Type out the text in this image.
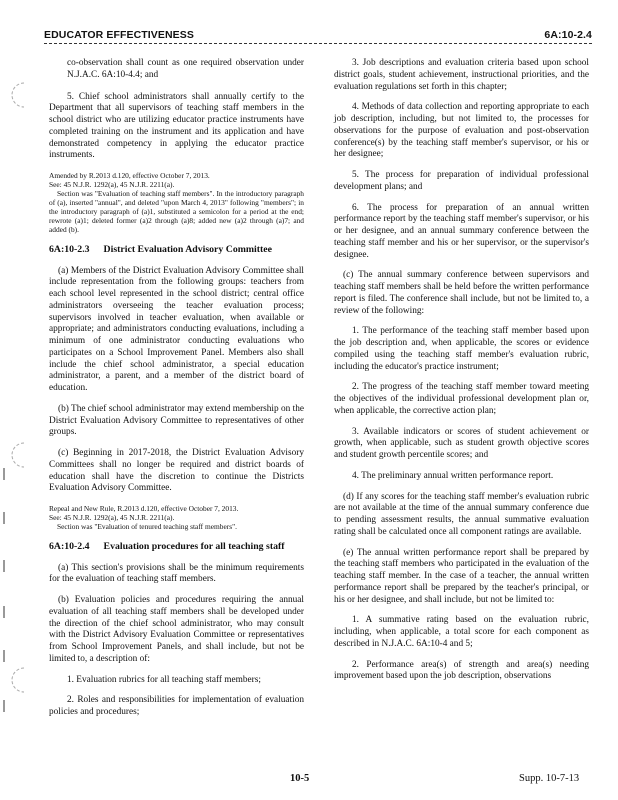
EDUCATOR EFFECTIVENESS	6A:10-2.4

co-observation shall count as one required observation under N.J.A.C. 6A:10-4.4; and

5. Chief school administrators shall annually certify to the Department that all supervisors of teaching staff members in the school district who are utilizing educator practice instruments have completed training on the instrument and its application and have demonstrated competency in applying the educator practice instruments.

Amended by R.2013 d.120, effective October 7, 2013.
See: 45 N.J.R. 1292(a), 45 N.J.R. 2211(a).
Section was "Evaluation of teaching staff members". In the introductory paragraph of (a), inserted "annual", and deleted "upon March 4, 2013" following "members"; in the introductory paragraph of (a)1, substituted a semicolon for a period at the end; rewrote (a)1; deleted former (a)2 through (a)8; added new (a)2 through (a)7; and added (b).
6A:10-2.3 District Evaluation Advisory Committee

(a) Members of the District Evaluation Advisory Committee shall include representation from the following groups: teachers from each school level represented in the school district; central office administrators overseeing the teacher evaluation process; supervisors involved in teacher evaluation, when available or appropriate; and administrators conducting evaluations, including a minimum of one administrator conducting evaluations who participates on a School Improvement Panel. Members also shall include the chief school administrator, a special education administrator, a parent, and a member of the district board of education.

(b) The chief school administrator may extend membership on the District Evaluation Advisory Committee to representatives of other groups.

(c) Beginning in 2017-2018, the District Evaluation Advisory Committees shall no longer be required and district boards of education shall have the discretion to continue the Districts Evaluation Advisory Committee.

Repeal and New Rule, R.2013 d.120, effective October 7, 2013.
See: 45 N.J.R. 1292(a), 45 N.J.R. 2211(a).
Section was "Evaluation of tenured teaching staff members".
6A:10-2.4 Evaluation procedures for all teaching staff

(a) This section's provisions shall be the minimum requirements for the evaluation of teaching staff members.

(b) Evaluation policies and procedures requiring the annual evaluation of all teaching staff members shall be developed under the direction of the chief school administrator, who may consult with the District Advisory Evaluation Committee or representatives from School Improvement Panels, and shall include, but not be limited to, a description of:

1. Evaluation rubrics for all teaching staff members;

2. Roles and responsibilities for implementation of evaluation policies and procedures;

3. Job descriptions and evaluation criteria based upon school district goals, student achievement, instructional priorities, and the evaluation regulations set forth in this chapter;

4. Methods of data collection and reporting appropriate to each job description, including, but not limited to, the processes for observations for the purpose of evaluation and post-observation conference(s) by the teaching staff member's supervisor, or his or her designee;

5. The process for preparation of individual professional development plans; and

6. The process for preparation of an annual written performance report by the teaching staff member's supervisor, or his or her designee, and an annual summary conference between the teaching staff member and his or her supervisor, or the supervisor's designee.

(c) The annual summary conference between supervisors and teaching staff members shall be held before the written performance report is filed. The conference shall include, but not be limited to, a review of the following:

1. The performance of the teaching staff member based upon the job description and, when applicable, the scores or evidence compiled using the teaching staff member's evaluation rubric, including the educator's practice instrument;

2. The progress of the teaching staff member toward meeting the objectives of the individual professional development plan or, when applicable, the corrective action plan;

3. Available indicators or scores of student achievement or growth, when applicable, such as student growth objective scores and student growth percentile scores; and

4. The preliminary annual written performance report.

(d) If any scores for the teaching staff member's evaluation rubric are not available at the time of the annual summary conference due to pending assessment results, the annual summative evaluation rating shall be calculated once all component ratings are available.

(e) The annual written performance report shall be prepared by the teaching staff members who participated in the evaluation of the teaching staff member. In the case of a teacher, the annual written performance report shall be prepared by the teacher's principal, or his or her designee, and shall include, but not be limited to:

1. A summative rating based on the evaluation rubric, including, when applicable, a total score for each component as described in N.J.A.C. 6A:10-4 and 5;

2. Performance area(s) of strength and area(s) needing improvement based upon the job description, observations

10-5	Supp. 10-7-13
